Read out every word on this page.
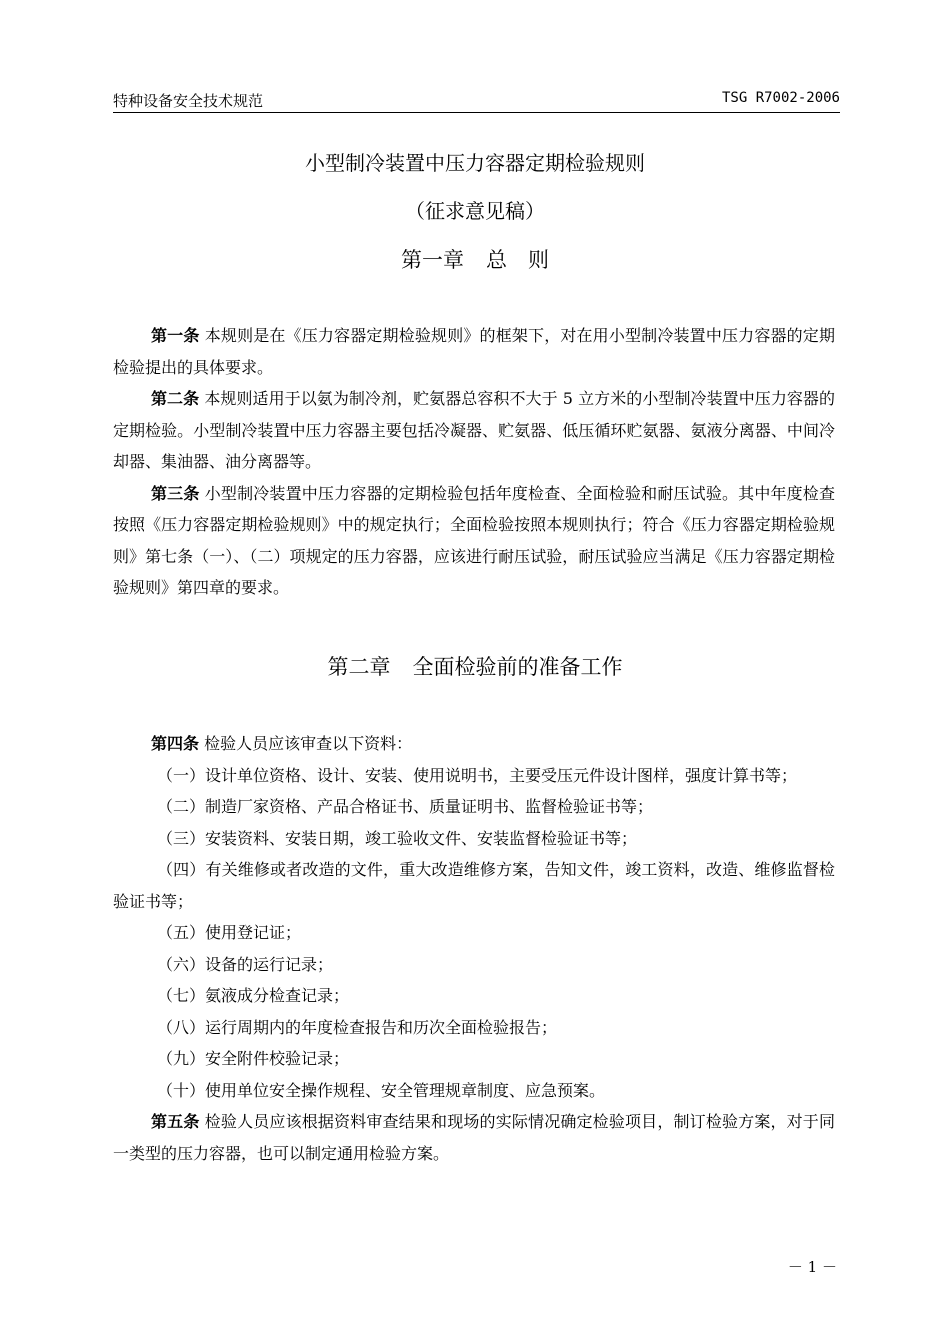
特种设备安全技术规范	TSG R7002-2006
小型制冷装置中压力容器定期检验规则
（征求意见稿）
第一章 总　则

第一条 本规则是在《压力容器定期检验规则》的框架下，对在用小型制冷装置中压力容器的定期检验提出的具体要求。

第二条 本规则适用于以氨为制冷剂，贮氨器总容积不大于 5 立方米的小型制冷装置中压力容器的定期检验。小型制冷装置中压力容器主要包括冷凝器、贮氨器、低压循环贮氨器、氨液分离器、中间冷却器、集油器、油分离器等。

第三条 小型制冷装置中压力容器的定期检验包括年度检查、全面检验和耐压试验。其中年度检查按照《压力容器定期检验规则》中的规定执行；全面检验按照本规则执行；符合《压力容器定期检验规则》第七条（一）、（二）项规定的压力容器，应该进行耐压试验，耐压试验应当满足《压力容器定期检验规则》第四章的要求。

第二章 全面检验前的准备工作

第四条 检验人员应该审查以下资料：

（一）设计单位资格、设计、安装、使用说明书，主要受压元件设计图样，强度计算书等；

（二）制造厂家资格、产品合格证书、质量证明书、监督检验证书等；

（三）安装资料、安装日期，竣工验收文件、安装监督检验证书等；

（四）有关维修或者改造的文件，重大改造维修方案，告知文件，竣工资料，改造、维修监督检验证书等；

（五）使用登记证；

（六）设备的运行记录；

（七）氨液成分检查记录；

（八）运行周期内的年度检查报告和历次全面检验报告；

（九）安全附件校验记录；

（十）使用单位安全操作规程、安全管理规章制度、应急预案。

第五条 检验人员应该根据资料审查结果和现场的实际情况确定检验项目，制订检验方案，对于同一类型的压力容器，也可以制定通用检验方案。

－ 1 －
